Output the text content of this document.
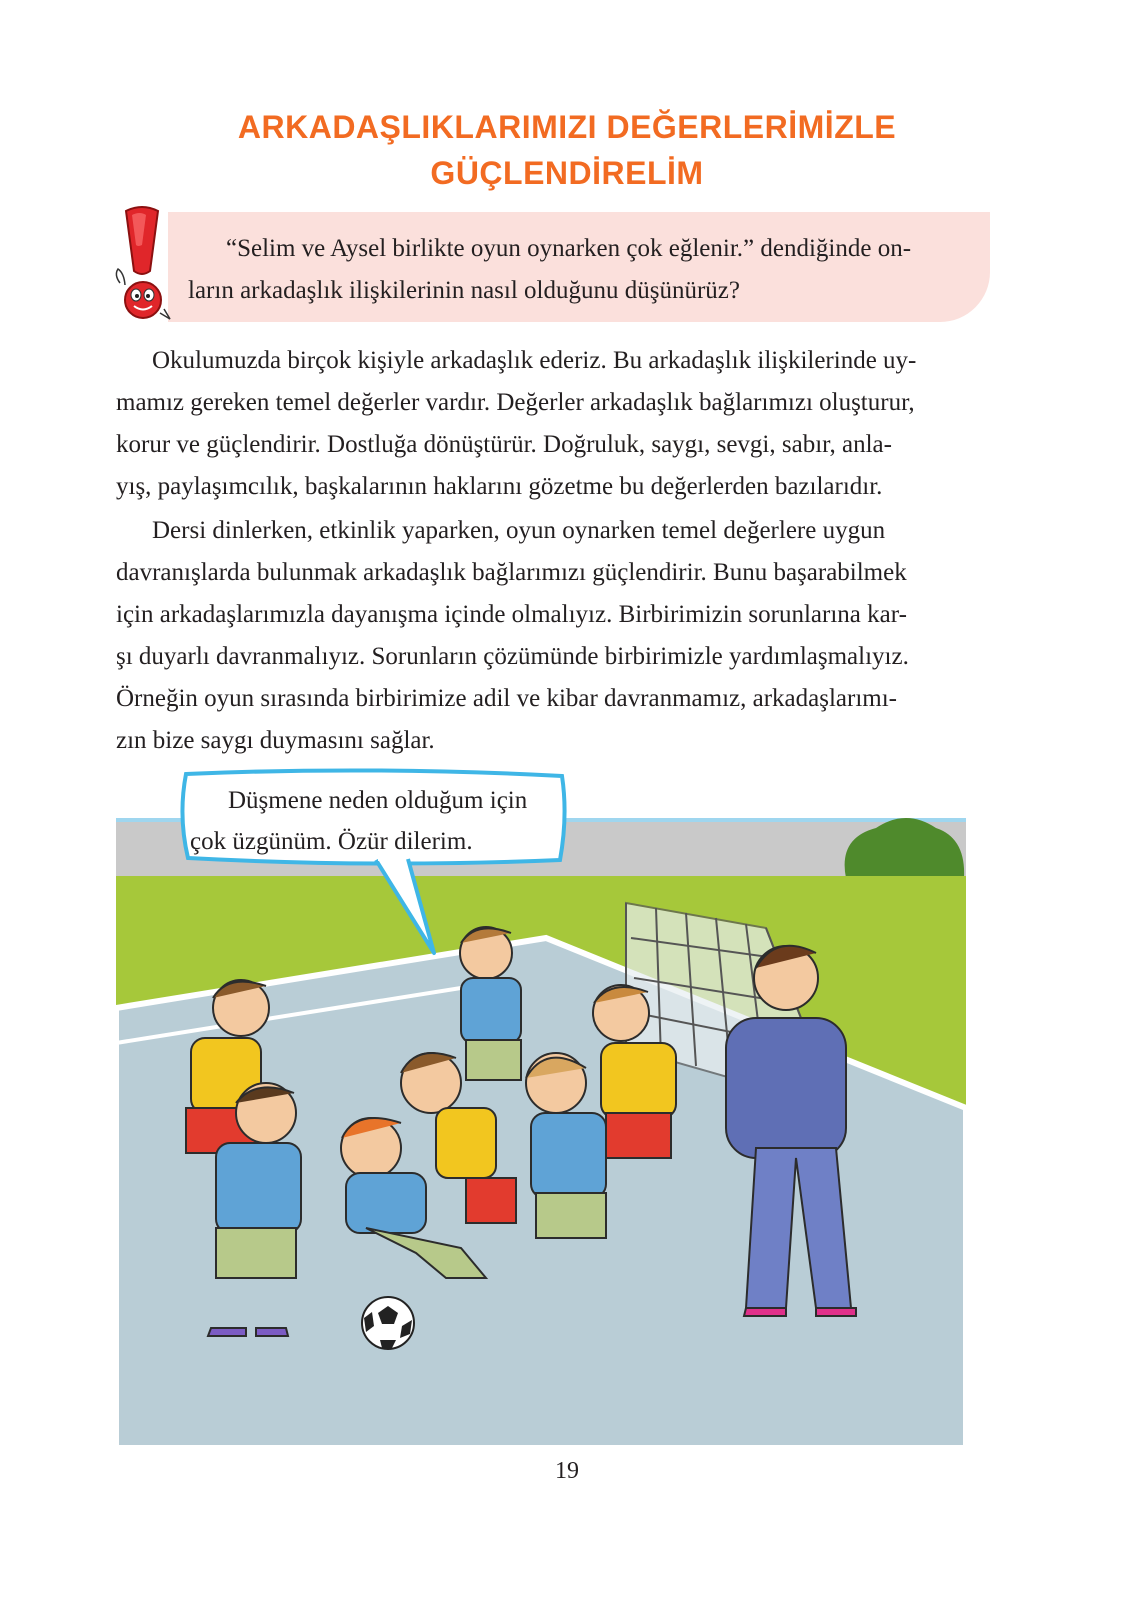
ARKADAŞLIKLARIMIZI DEĞERLERİMİZLE
GÜÇLENDİRELİM
“Selim ve Aysel birlikte oyun oynarken çok eğlenir.” dendiğinde on-
ların arkadaşlık ilişkilerinin nasıl olduğunu düşünürüz?

Okulumuzda birçok kişiyle arkadaşlık ederiz. Bu arkadaşlık ilişkilerinde uy-
mamız gereken temel değerler vardır. Değerler arkadaşlık bağlarımızı oluşturur,
korur ve güçlendirir. Dostluğa dönüştürür. Doğruluk, saygı, sevgi, sabır, anla-
yış, paylaşımcılık, başkalarının haklarını gözetme bu değerlerden bazılarıdır.

Dersi dinlerken, etkinlik yaparken, oyun oynarken temel değerlere uygun
davranışlarda bulunmak arkadaşlık bağlarımızı güçlendirir. Bunu başarabilmek
için arkadaşlarımızla dayanışma içinde olmalıyız. Birbirimizin sorunlarına kar-
şı duyarlı davranmalıyız. Sorunların çözümünde birbirimizle yardımlaşmalıyız.
Örneğin oyun sırasında birbirimize adil ve kibar davranmamız, arkadaşlarımı-
zın bize saygı duymasını sağlar.

Düşmene neden olduğum için
çok üzgünüm. Özür dilerim.
19
